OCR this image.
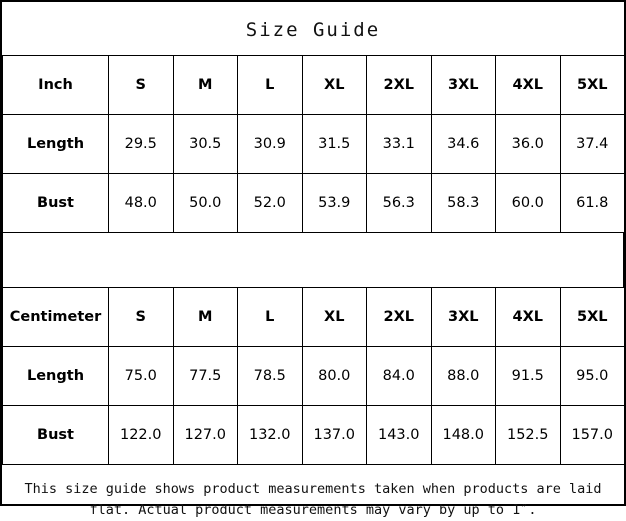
Size Guide
Inch	S	M	L	XL	2XL	3XL	4XL	5XL
Length	29.5	30.5	30.9	31.5	33.1	34.6	36.0	37.4
Bust	48.0	50.0	52.0	53.9	56.3	58.3	60.0	61.8
Centimeter	S	M	L	XL	2XL	3XL	4XL	5XL
Length	75.0	77.5	78.5	80.0	84.0	88.0	91.5	95.0
Bust	122.0	127.0	132.0	137.0	143.0	148.0	152.5	157.0
This size guide shows product measurements taken when products are laid flat. Actual product measurements may vary by up to 1″.
